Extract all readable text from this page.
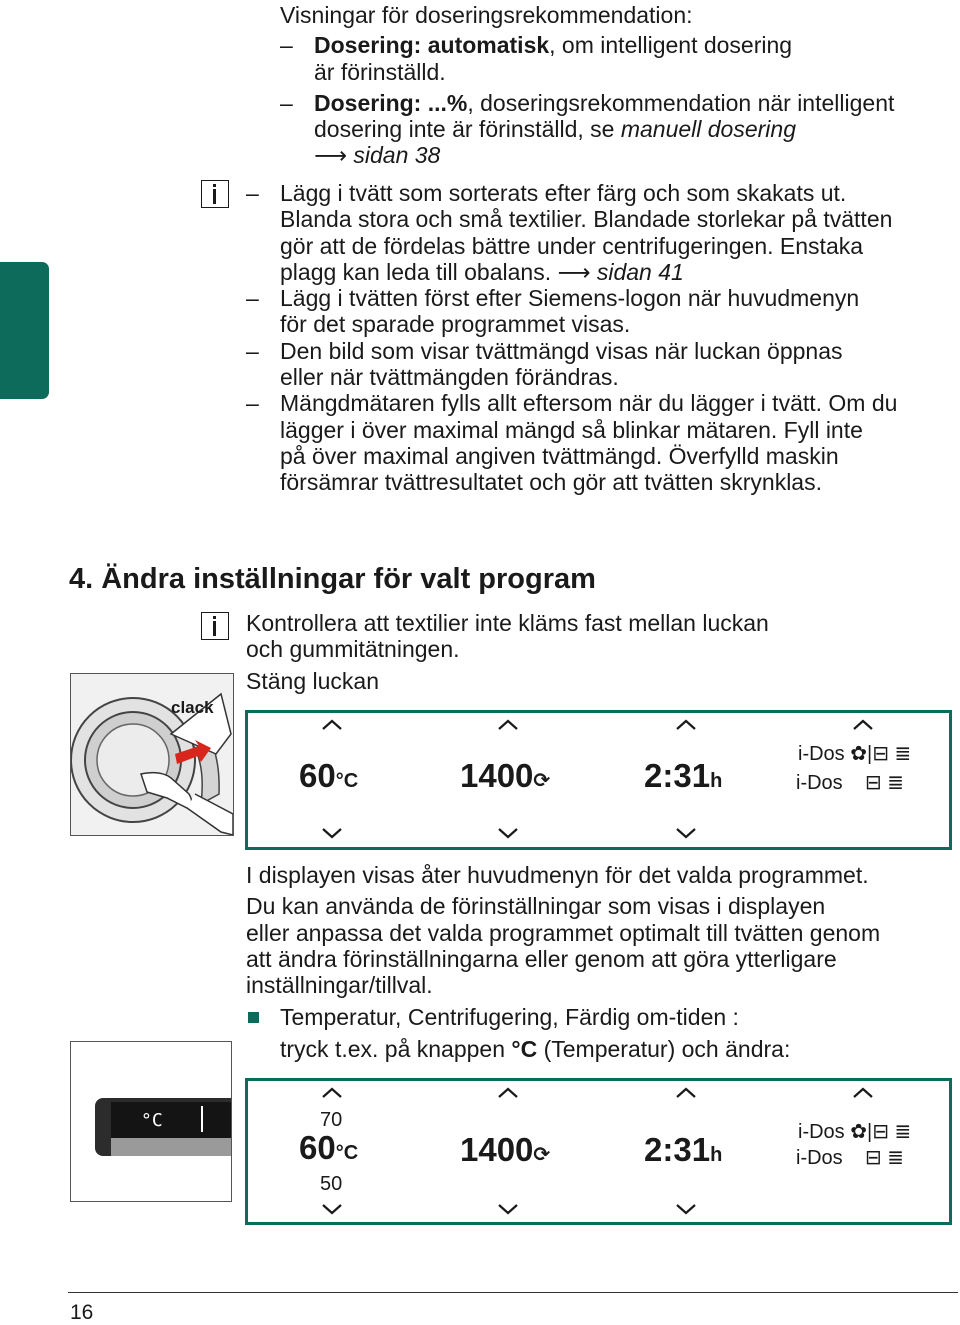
Visningar för doseringsrekommendation:
– Dosering: automatisk, om intelligent dosering
är förinställd.
– Dosering: ...%, doseringsrekommendation när intelligent
dosering inte är förinställd, se manuell dosering
⟶ sidan 38
– Lägg i tvätt som sorterats efter färg och som skakats ut.
Blanda stora och små textilier. Blandade storlekar på tvätten
gör att de fördelas bättre under centrifugeringen. Enstaka
plagg kan leda till obalans. ⟶ sidan 41
– Lägg i tvätten först efter Siemens-logon när huvudmenyn
för det sparade programmet visas.
– Den bild som visar tvättmängd visas när luckan öppnas
eller när tvättmängden förändras.
– Mängdmätaren fylls allt eftersom när du lägger i tvätt. Om du
lägger i över maximal mängd så blinkar mätaren. Fyll inte
på över maximal angiven tvättmängd. Överfylld maskin
försämrar tvättresultatet och gör att tvätten skrynklas.
4. Ändra inställningar för valt program
Kontrollera att textilier inte kläms fast mellan luckan
och gummitätningen.
Stäng luckan
clack
60°C	1400⟳	2:31h
i-Dos ✿|⊟ ≣
i-Dos ⊟ ≣
I displayen visas åter huvudmenyn för det valda programmet.
Du kan använda de förinställningar som visas i displayen
eller anpassa det valda programmet optimalt till tvätten genom
att ändra förinställningarna eller genom att göra ytterligare
inställningar/tillval.
Temperatur, Centrifugering, Färdig om-tiden :
tryck t.ex. på knappen °C (Temperatur) och ändra:
°C	70
60°C
50
1400⟳	2:31h
i-Dos ✿|⊟ ≣
i-Dos ⊟ ≣
16
